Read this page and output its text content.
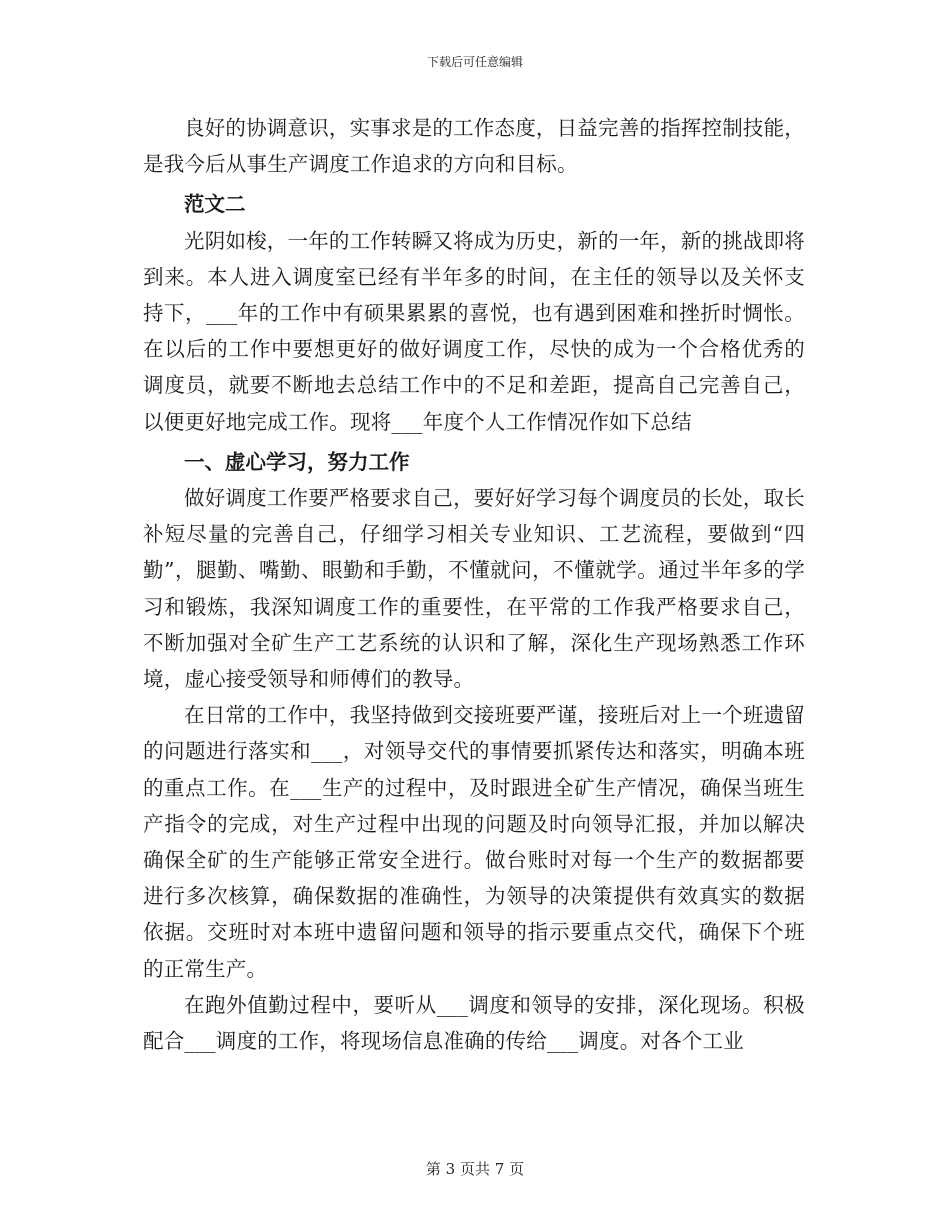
下载后可任意编辑

良好的协调意识，实事求是的工作态度，日益完善的指挥控制技能，是我今后从事生产调度工作追求的方向和目标。

范文二

光阴如梭，一年的工作转瞬又将成为历史，新的一年，新的挑战即将到来。本人进入调度室已经有半年多的时间，在主任的领导以及关怀支持下，___年的工作中有硕果累累的喜悦，也有遇到困难和挫折时惆怅。在以后的工作中要想更好的做好调度工作，尽快的成为一个合格优秀的调度员，就要不断地去总结工作中的不足和差距，提高自己完善自己，以便更好地完成工作。现将___年度个人工作情况作如下总结

一、虚心学习，努力工作

做好调度工作要严格要求自己，要好好学习每个调度员的长处，取长补短尽量的完善自己，仔细学习相关专业知识、工艺流程，要做到“四勤”，腿勤、嘴勤、眼勤和手勤，不懂就问，不懂就学。通过半年多的学习和锻炼，我深知调度工作的重要性，在平常的工作我严格要求自己，不断加强对全矿生产工艺系统的认识和了解，深化生产现场熟悉工作环境，虚心接受领导和师傅们的教导。

在日常的工作中，我坚持做到交接班要严谨，接班后对上一个班遗留的问题进行落实和___，对领导交代的事情要抓紧传达和落实，明确本班的重点工作。在___生产的过程中，及时跟进全矿生产情况，确保当班生产指令的完成，对生产过程中出现的问题及时向领导汇报，并加以解决确保全矿的生产能够正常安全进行。做台账时对每一个生产的数据都要进行多次核算，确保数据的准确性，为领导的决策提供有效真实的数据依据。交班时对本班中遗留问题和领导的指示要重点交代，确保下个班的正常生产。

在跑外值勤过程中，要听从___调度和领导的安排，深化现场。积极配合___调度的工作，将现场信息准确的传给___调度。对各个工业

第 3 页共 7 页
